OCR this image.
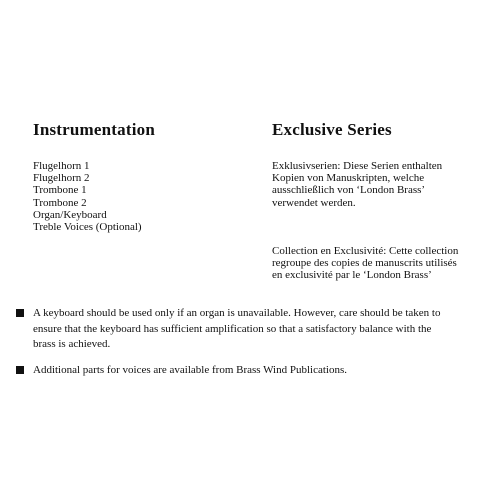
Instrumentation	Exclusive Series
Flugelhorn 1
Flugelhorn 2
Trombone 1
Trombone 2
Organ/Keyboard
Treble Voices (Optional)

Exklusivserien: Diese Serien enthalten
Kopien von Manuskripten, welche
ausschließlich von ‘London Brass’
verwendet werden.

Collection en Exclusivité: Cette collection
regroupe des copies de manuscrits utilisés
en exclusivité par le ‘London Brass’

A keyboard should be used only if an organ is unavailable. However, care should be taken to
ensure that the keyboard has sufficient amplification so that a satisfactory balance with the
brass is achieved.
Additional parts for voices are available from Brass Wind Publications.
